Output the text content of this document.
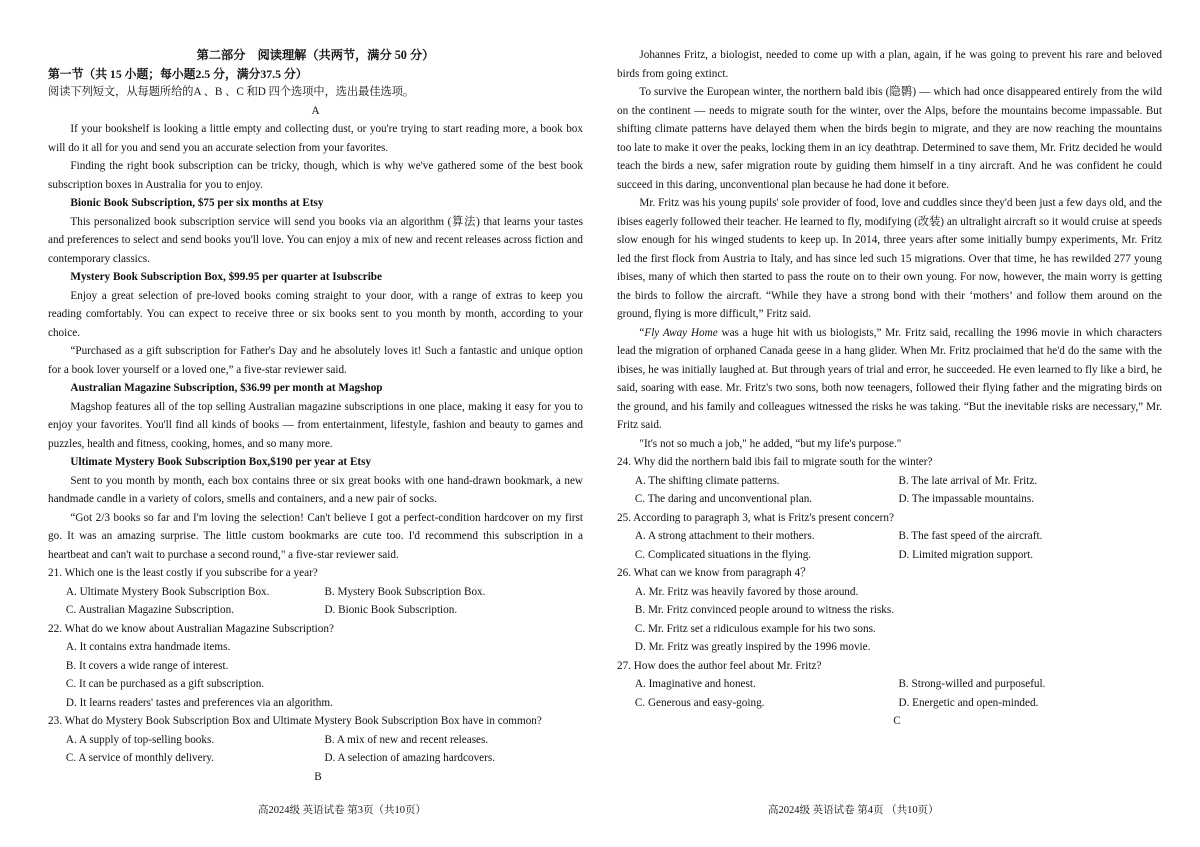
第二部分　阅读理解（共两节，满分 50 分）

第一节（共 15 小题；每小题2.5 分，满分37.5 分）

阅读下列短文，从每题所给的A 、B 、C 和D 四个选项中，选出最佳选项。

A

If your bookshelf is looking a little empty and collecting dust, or you're trying to start reading more, a book box will do it all for you and send you an accurate selection from your favorites.

Finding the right book subscription can be tricky, though, which is why we've gathered some of the best book subscription boxes in Australia for you to enjoy.

Bionic Book Subscription, $75 per six months at Etsy

This personalized book subscription service will send you books via an algorithm (算法) that learns your tastes and preferences to select and send books you'll love. You can enjoy a mix of new and recent releases across fiction and contemporary classics.

Mystery Book Subscription Box, $99.95 per quarter at Isubscribe

Enjoy a great selection of pre-loved books coming straight to your door, with a range of extras to keep you reading comfortably. You can expect to receive three or six books sent to you month by month, according to your choice.

“Purchased as a gift subscription for Father's Day and he absolutely loves it! Such a fantastic and unique option for a book lover yourself or a loved one,” a five-star reviewer said.

Australian Magazine Subscription, $36.99 per month at Magshop

Magshop features all of the top selling Australian magazine subscriptions in one place, making it easy for you to enjoy your favorites. You'll find all kinds of books — from entertainment, lifestyle, fashion and beauty to games and puzzles, health and fitness, cooking, homes, and so many more.

Ultimate Mystery Book Subscription Box,$190 per year at Etsy

Sent to you month by month, each box contains three or six great books with one hand-drawn bookmark, a new handmade candle in a variety of colors, smells and containers, and a new pair of socks.

“Got 2/3 books so far and I'm loving the selection! Can't believe I got a perfect-condition hardcover on my first go. It was an amazing surprise. The little custom bookmarks are cute too. I'd recommend this subscription in a heartbeat and can't wait to purchase a second round," a five-star reviewer said.

21. Which one is the least costly if you subscribe for a year?

A. Ultimate Mystery Book Subscription Box.	B. Mystery Book Subscription Box.
C. Australian Magazine Subscription.	D. Bionic Book Subscription.

22. What do we know about Australian Magazine Subscription?

A. It contains extra handmade items.
B. It covers a wide range of interest.
C. It can be purchased as a gift subscription.
D. It learns readers' tastes and preferences via an algorithm.

23. What do Mystery Book Subscription Box and Ultimate Mystery Book Subscription Box have in common?

A. A supply of top-selling books.	B. A mix of new and recent releases.
C. A service of monthly delivery.	D. A selection of amazing hardcovers.

B

Johannes Fritz, a biologist, needed to come up with a plan, again, if he was going to prevent his rare and beloved birds from going extinct.

To survive the European winter, the northern bald ibis (隐鹮) — which had once disappeared entirely from the wild on the continent — needs to migrate south for the winter, over the Alps, before the mountains become impassable. But shifting climate patterns have delayed them when the birds begin to migrate, and they are now reaching the mountains too late to make it over the peaks, locking them in an icy deathtrap. Determined to save them, Mr. Fritz decided he would teach the birds a new, safer migration route by guiding them himself in a tiny aircraft. And he was confident he could succeed in this daring, unconventional plan because he had done it before.

Mr. Fritz was his young pupils' sole provider of food, love and cuddles since they'd been just a few days old, and the ibises eagerly followed their teacher. He learned to fly, modifying (改装) an ultralight aircraft so it would cruise at speeds slow enough for his winged students to keep up. In 2014, three years after some initially bumpy experiments, Mr. Fritz led the first flock from Austria to Italy, and has since led such 15 migrations. Over that time, he has rewilded 277 young ibises, many of which then started to pass the route on to their own young. For now, however, the main worry is getting the birds to follow the aircraft. “While they have a strong bond with their ‘mothers’ and follow them around on the ground, flying is more difficult,” Fritz said.

“Fly Away Home was a huge hit with us biologists,” Mr. Fritz said, recalling the 1996 movie in which characters lead the migration of orphaned Canada geese in a hang glider. When Mr. Fritz proclaimed that he'd do the same with the ibises, he was initially laughed at. But through years of trial and error, he succeeded. He even learned to fly like a bird, he said, soaring with ease. Mr. Fritz's two sons, both now teenagers, followed their flying father and the migrating birds on the ground, and his family and colleagues witnessed the risks he was taking. “But the inevitable risks are necessary,” Mr. Fritz said.

"It's not so much a job," he added, “but my life's purpose."

24. Why did the northern bald ibis fail to migrate south for the winter?

A. The shifting climate patterns.	B. The late arrival of Mr. Fritz.
C. The daring and unconventional plan.	D. The impassable mountains.

25. According to paragraph 3, what is Fritz's present concern?

A. A strong attachment to their mothers.	B. The fast speed of the aircraft.
C. Complicated situations in the flying.	D. Limited migration support.

26. What can we know from paragraph 4？

A. Mr. Fritz was heavily favored by those around.
B. Mr. Fritz convinced people around to witness the risks.
C. Mr. Fritz set a ridiculous example for his two sons.
D. Mr. Fritz was greatly inspired by the 1996 movie.

27. How does the author feel about Mr. Fritz?

A. Imaginative and honest.	B. Strong-willed and purposeful.
C. Generous and easy-going.	D. Energetic and open-minded.

C

高2024级 英语试卷 第3页（共10页）	高2024级 英语试卷 第4页 （共10页）
